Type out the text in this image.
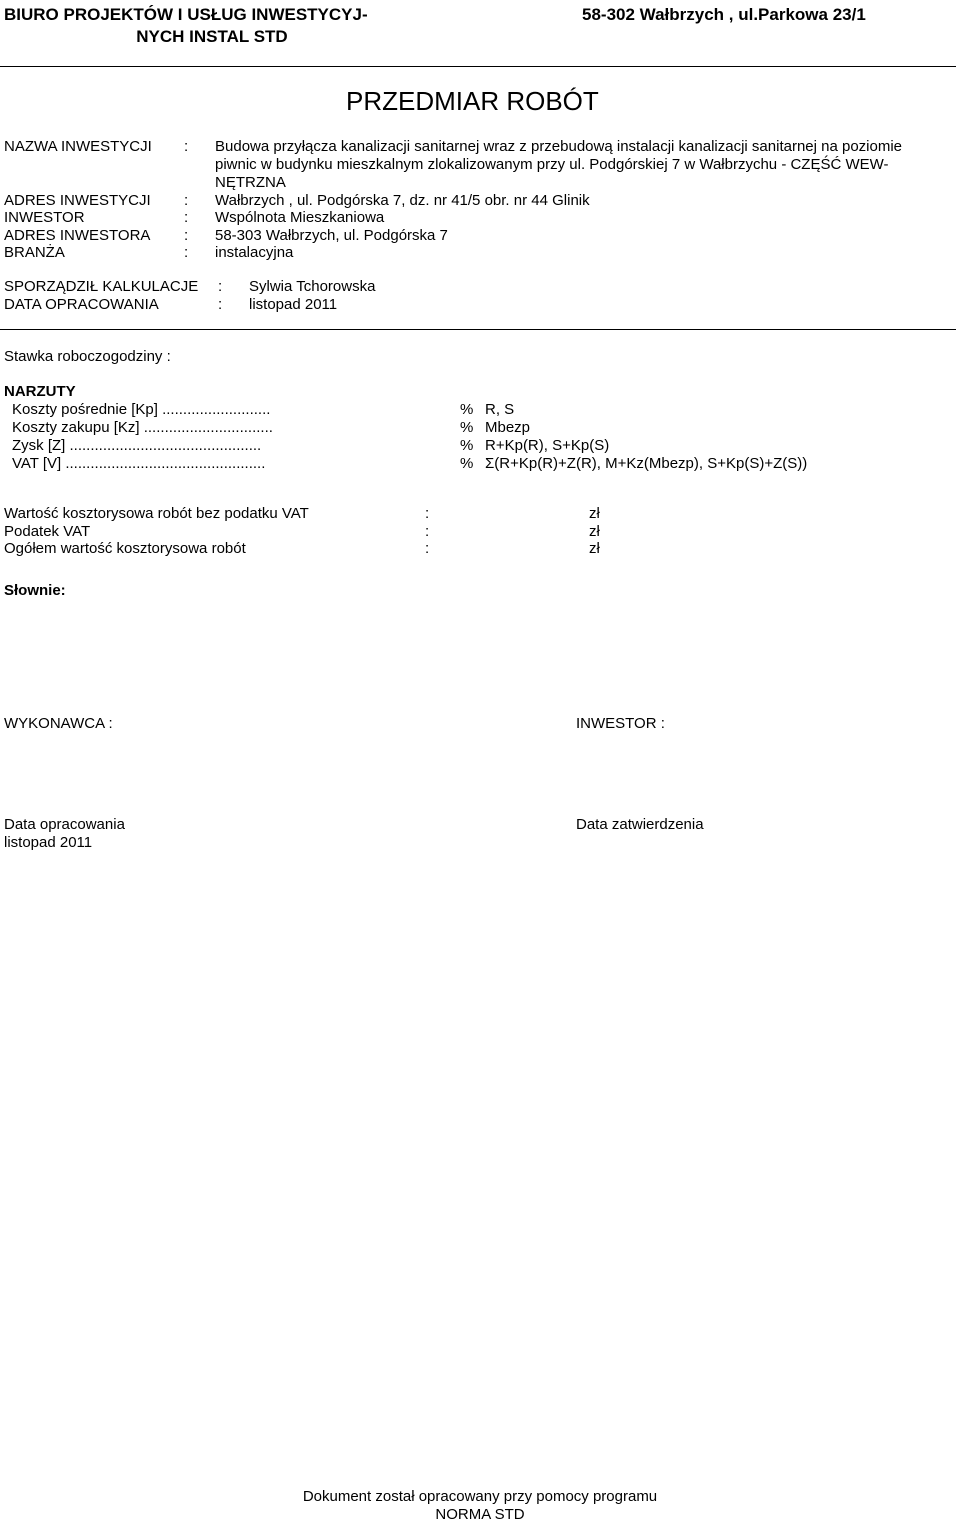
BIURO PROJEKTÓW I USŁUG INWESTYCYJ-
NYCH INSTAL STD
58-302 Wałbrzych , ul.Parkowa 23/1
PRZEDMIAR ROBÓT
NAZWA INWESTYCJI : Budowa przyłącza kanalizacji sanitarnej wraz z przebudową instalacji kanalizacji sanitarnej na poziomie piwnic w budynku mieszkalnym zlokalizowanym przy ul. Podgórskiej 7 w Wałbrzychu - CZĘŚĆ WEW-NĘTRZNA
ADRES INWESTYCJI : Wałbrzych , ul. Podgórska 7, dz. nr 41/5 obr. nr 44 Glinik
INWESTOR	: Wspólnota Mieszkaniowa
ADRES INWESTORA : 58-303 Wałbrzych, ul. Podgórska 7
BRANŻA	: instalacyjna
SPORZĄDZIŁ KALKULACJE : Sylwia Tchorowska
DATA OPRACOWANIA	: listopad 2011
Stawka roboczogodziny :
NARZUTY
Koszty pośrednie [Kp] ..........................	% R, S
Koszty zakupu [Kz] ...............................	% Mbezp
Zysk [Z] ..............................................	% R+Kp(R), S+Kp(S)
VAT [V] ................................................	% Σ(R+Kp(R)+Z(R), M+Kz(Mbezp), S+Kp(S)+Z(S))
Wartość kosztorysowa robót bez podatku VAT	:	zł
Podatek VAT	:	zł
Ogółem wartość kosztorysowa robót	:	zł
Słownie:
WYKONAWCA :	INWESTOR :
Data opracowania
listopad 2011
Data zatwierdzenia
Dokument został opracowany przy pomocy programu
NORMA STD
